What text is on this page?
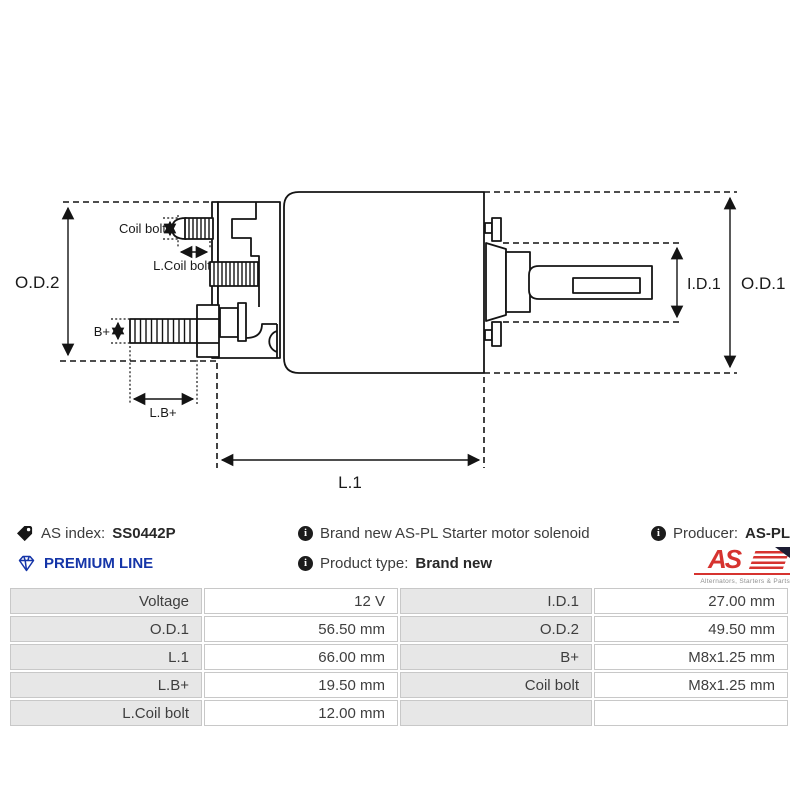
O.D.2
Coil bolt
L.Coil bolt
B+
L.B+
I.D.1 O.D.1
L.1
AS index: SS0442P
PREMIUM LINE
i Brand new AS-PL Starter motor solenoid
i Product type: Brand new
i Producer: AS-PL
AS
Alternators, Starters & Parts
Voltage	12 V	I.D.1	27.00 mm
O.D.1	56.50 mm	O.D.2	49.50 mm
L.1	66.00 mm	B+	M8x1.25 mm
L.B+	19.50 mm	Coil bolt	M8x1.25 mm
L.Coil bolt	12.00 mm
